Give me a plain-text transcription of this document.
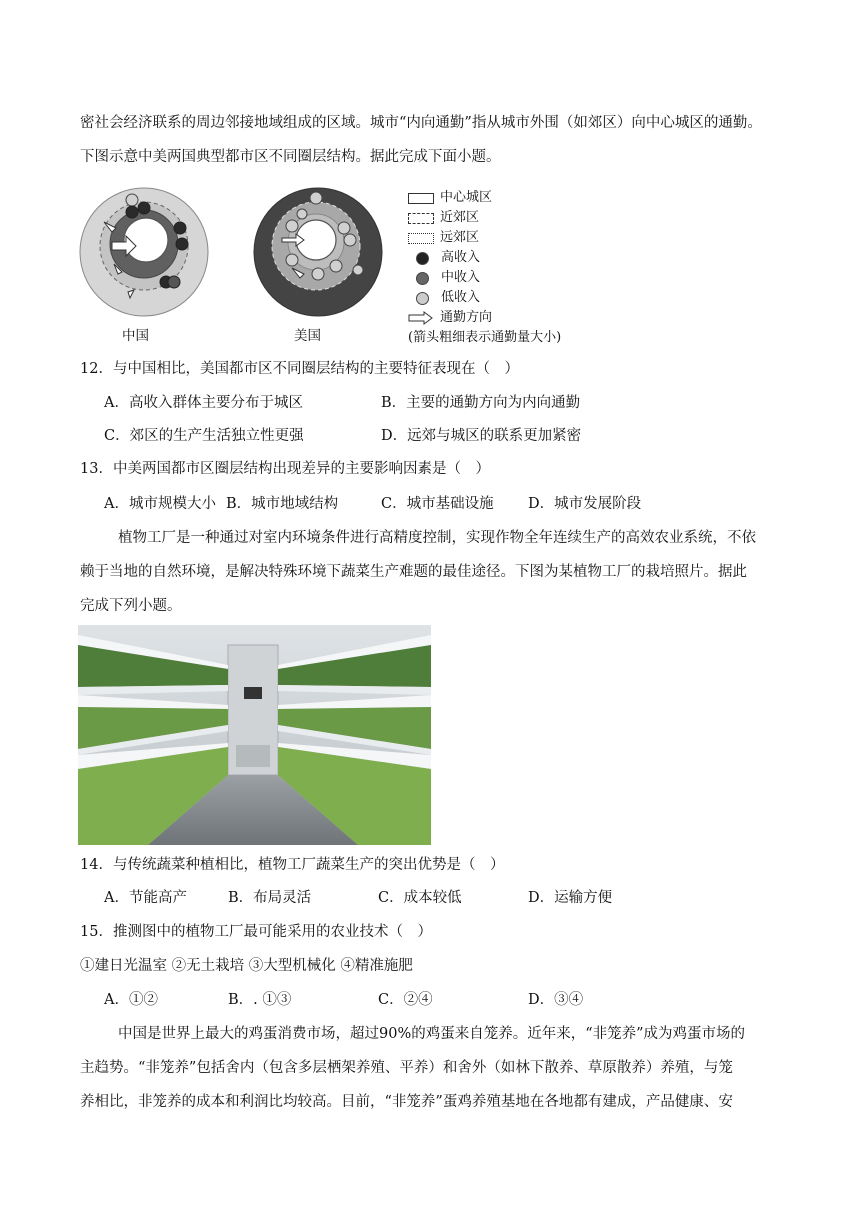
密社会经济联系的周边邻接地域组成的区域。城市“内向通勤”指从城市外围（如郊区）向中心城区的通勤。
下图示意中美两国典型都市区不同圈层结构。据此完成下面小题。
中国	美国
中心城区
近郊区
远郊区
高收入
中收入
低收入
通勤方向
(箭头粗细表示通勤量大小)
12．与中国相比，美国都市区不同圈层结构的主要特征表现在（　）
A．高收入群体主要分布于城区	B．主要的通勤方向为内向通勤
C．郊区的生产生活独立性更强	D．远郊与城区的联系更加紧密
13．中美两国都市区圈层结构出现差异的主要影响因素是（　）
A．城市规模大小 B．城市地域结构	C．城市基础设施 D．城市发展阶段
植物工厂是一种通过对室内环境条件进行高精度控制，实现作物全年连续生产的高效农业系统，不依
赖于当地的自然环境，是解决特殊环境下蔬菜生产难题的最佳途径。下图为某植物工厂的栽培照片。据此
完成下列小题。
14．与传统蔬菜种植相比，植物工厂蔬菜生产的突出优势是（　）
A．节能高产	B．布局灵活	C．成本较低	D．运输方便
15．推测图中的植物工厂最可能采用的农业技术（　）
①建日光温室 ②无土栽培 ③大型机械化 ④精准施肥
A．①②	B．. ①③	C．②④	D．③④
中国是世界上最大的鸡蛋消费市场，超过90%的鸡蛋来自笼养。近年来，“非笼养”成为鸡蛋市场的
主趋势。“非笼养”包括舍内（包含多层栖架养殖、平养）和舍外（如林下散养、草原散养）养殖，与笼
养相比，非笼养的成本和利润比均较高。目前，“非笼养”蛋鸡养殖基地在各地都有建成，产品健康、安
